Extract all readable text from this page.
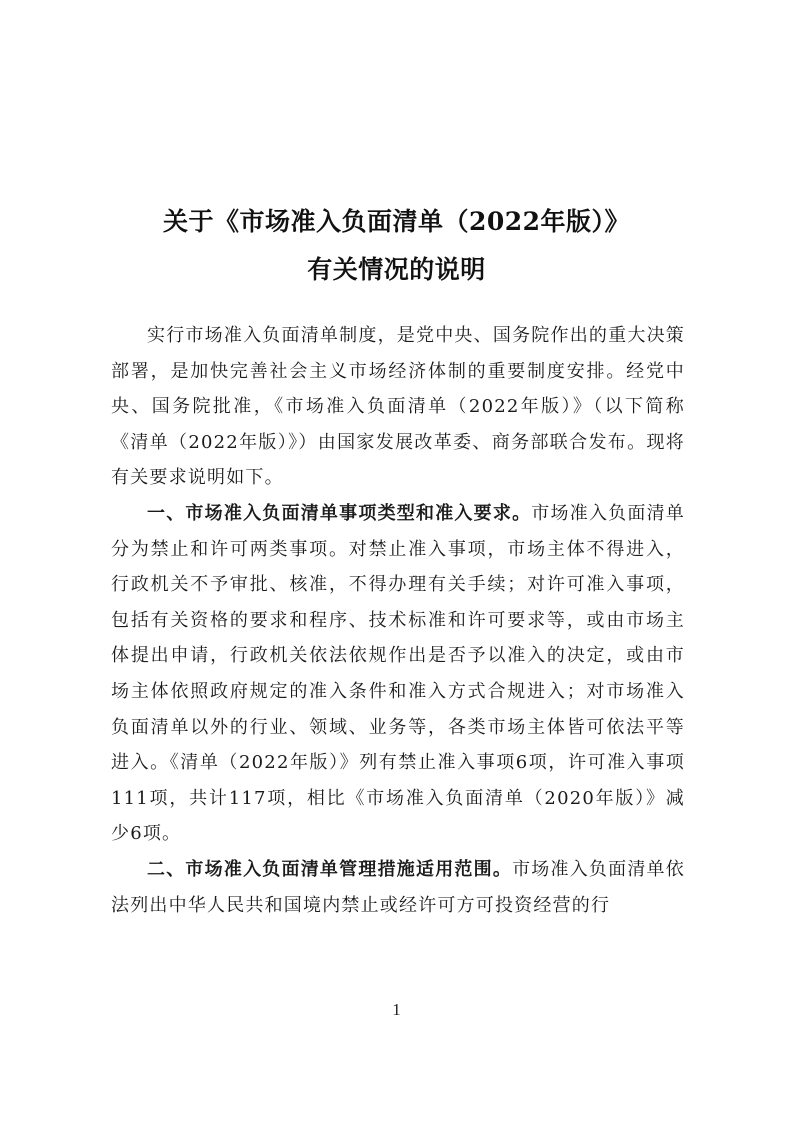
关于《市场准入负面清单（2022年版）》
有关情况的说明

实行市场准入负面清单制度，是党中央、国务院作出的重大决策部署，是加快完善社会主义市场经济体制的重要制度安排。经党中央、国务院批准，《市场准入负面清单（2022年版）》（以下简称《清单（2022年版）》）由国家发展改革委、商务部联合发布。现将有关要求说明如下。

一、市场准入负面清单事项类型和准入要求。市场准入负面清单分为禁止和许可两类事项。对禁止准入事项，市场主体不得进入，行政机关不予审批、核准，不得办理有关手续；对许可准入事项，包括有关资格的要求和程序、技术标准和许可要求等，或由市场主体提出申请，行政机关依法依规作出是否予以准入的决定，或由市场主体依照政府规定的准入条件和准入方式合规进入；对市场准入负面清单以外的行业、领域、业务等，各类市场主体皆可依法平等进入。《清单（2022年版）》列有禁止准入事项6项，许可准入事项111项，共计117项，相比《市场准入负面清单（2020年版）》减少6项。

二、市场准入负面清单管理措施适用范围。市场准入负面清单依法列出中华人民共和国境内禁止或经许可方可投资经营的行

1
